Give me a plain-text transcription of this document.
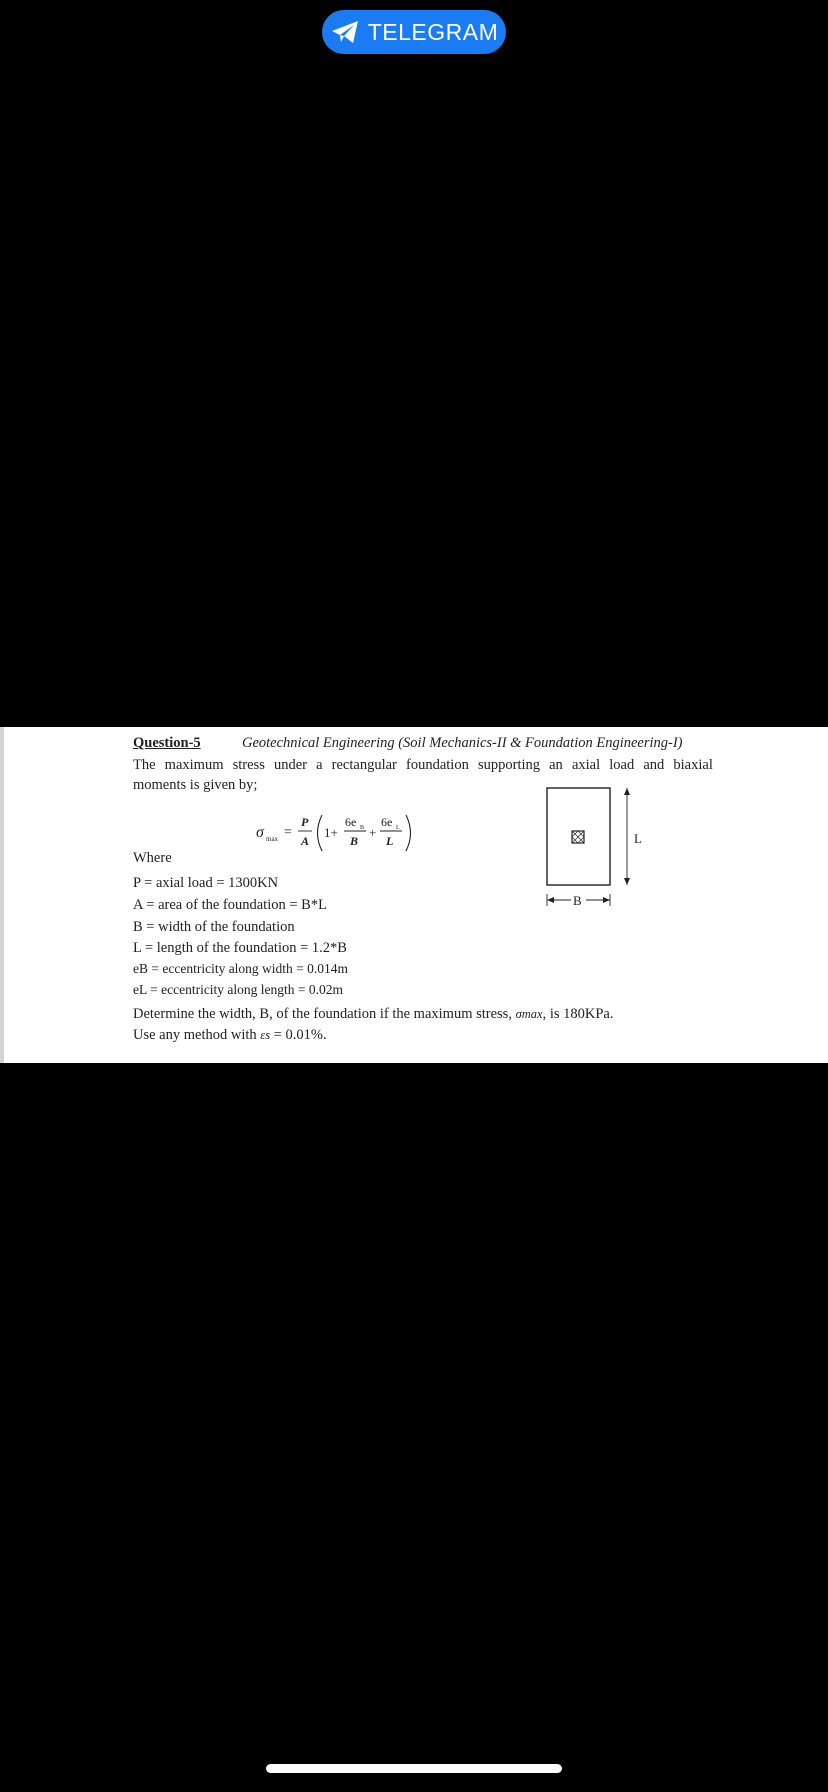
TELEGRAM
Question-5	Geotechnical Engineering (Soil Mechanics-II & Foundation Engineering-I)
The maximum stress under a rectangular foundation supporting an axial load and biaxial
moments is given by;
σ max =
P
A
1+
6e B
B
+
6e L
L	L
B
Where
P = axial load = 1300KN
A = area of the foundation = B*L
B = width of the foundation
L = length of the foundation = 1.2*B
eB = eccentricity along width = 0.014m
eL = eccentricity along length = 0.02m
Determine the width, B, of the foundation if the maximum stress, σmax, is 180KPa.
Use any method with εs = 0.01%.
